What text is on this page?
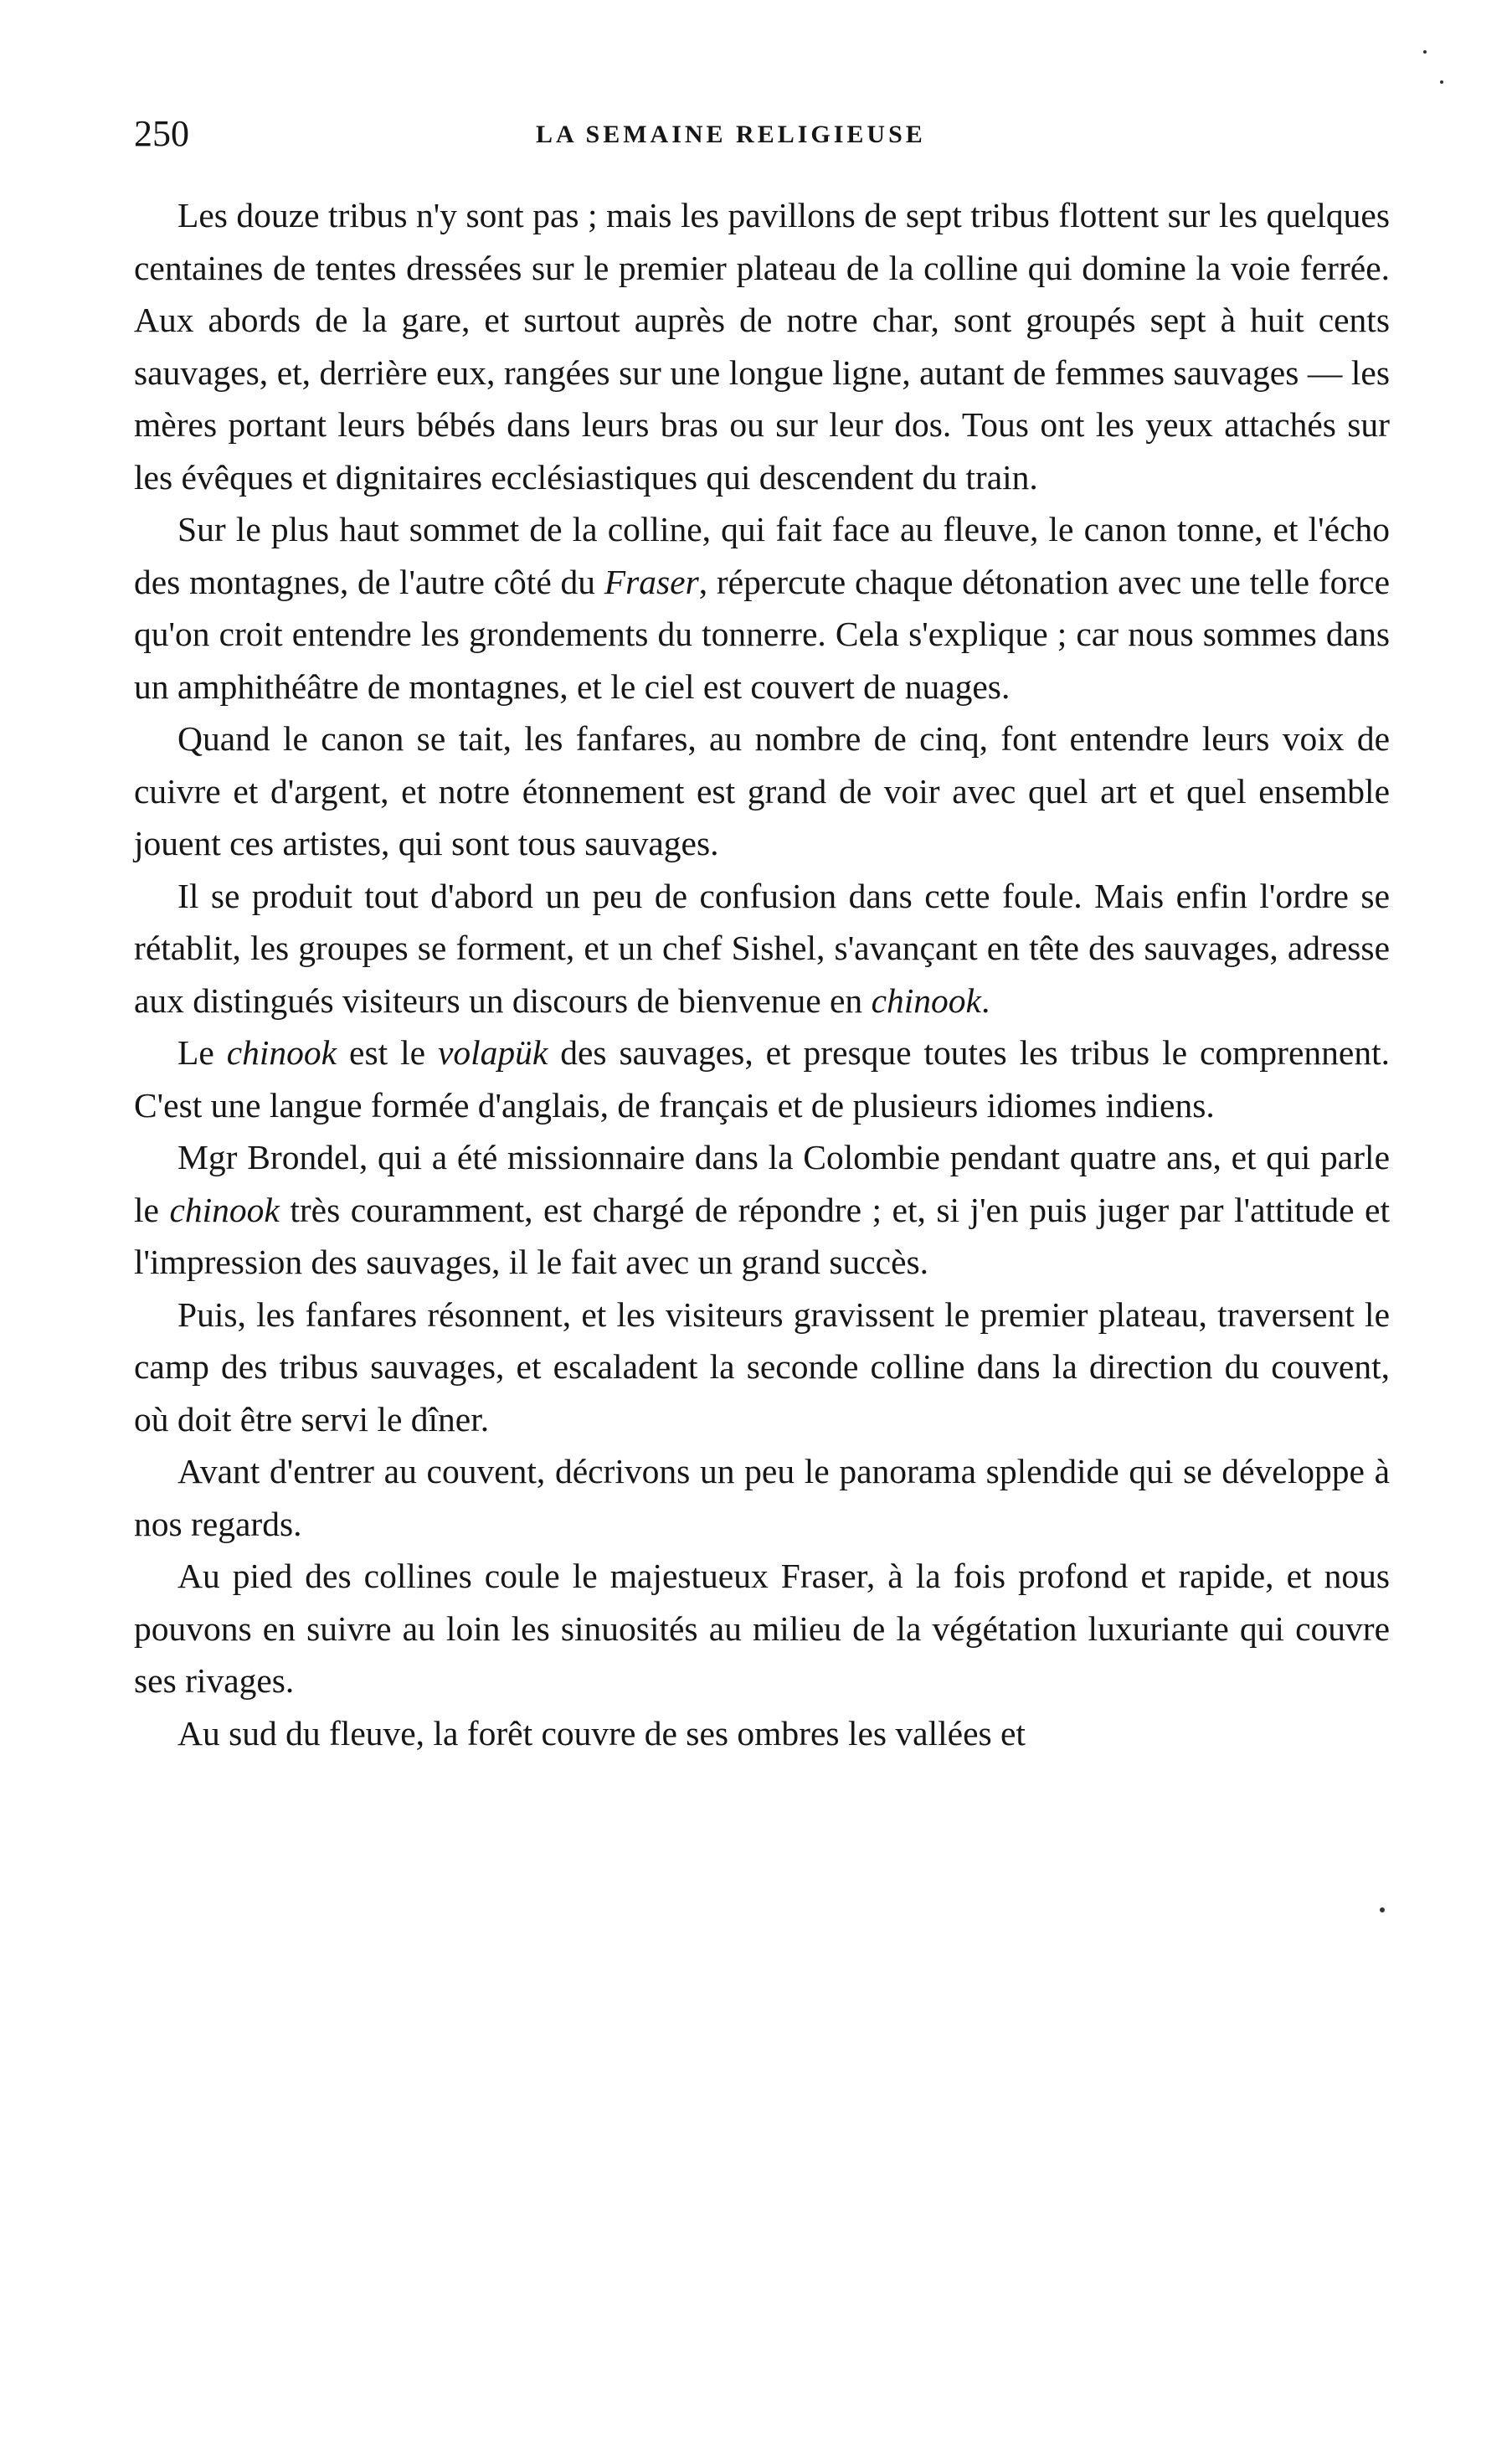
250	LA SEMAINE RELIGIEUSE

Les douze tribus n'y sont pas ; mais les pavillons de sept tribus flottent sur les quelques centaines de tentes dressées sur le premier plateau de la colline qui domine la voie ferrée. Aux abords de la gare, et surtout auprès de notre char, sont groupés sept à huit cents sauvages, et, derrière eux, rangées sur une longue ligne, autant de femmes sauvages — les mères portant leurs bébés dans leurs bras ou sur leur dos. Tous ont les yeux attachés sur les évêques et dignitaires ecclésiastiques qui descendent du train.

Sur le plus haut sommet de la colline, qui fait face au fleuve, le canon tonne, et l'écho des montagnes, de l'autre côté du Fraser, répercute chaque détonation avec une telle force qu'on croit entendre les grondements du tonnerre. Cela s'explique ; car nous sommes dans un amphithéâtre de montagnes, et le ciel est couvert de nuages.

Quand le canon se tait, les fanfares, au nombre de cinq, font entendre leurs voix de cuivre et d'argent, et notre étonnement est grand de voir avec quel art et quel ensemble jouent ces artistes, qui sont tous sauvages.

Il se produit tout d'abord un peu de confusion dans cette foule. Mais enfin l'ordre se rétablit, les groupes se forment, et un chef Sishel, s'avançant en tête des sauvages, adresse aux distingués visiteurs un discours de bienvenue en chinook.

Le chinook est le volapük des sauvages, et presque toutes les tribus le comprennent. C'est une langue formée d'anglais, de français et de plusieurs idiomes indiens.

Mgr Brondel, qui a été missionnaire dans la Colombie pendant quatre ans, et qui parle le chinook très couramment, est chargé de répondre ; et, si j'en puis juger par l'attitude et l'impression des sauvages, il le fait avec un grand succès.

Puis, les fanfares résonnent, et les visiteurs gravissent le premier plateau, traversent le camp des tribus sauvages, et escaladent la seconde colline dans la direction du couvent, où doit être servi le dîner.

Avant d'entrer au couvent, décrivons un peu le panorama splendide qui se développe à nos regards.

Au pied des collines coule le majestueux Fraser, à la fois profond et rapide, et nous pouvons en suivre au loin les sinuosités au milieu de la végétation luxuriante qui couvre ses rivages.

Au sud du fleuve, la forêt couvre de ses ombres les vallées et
